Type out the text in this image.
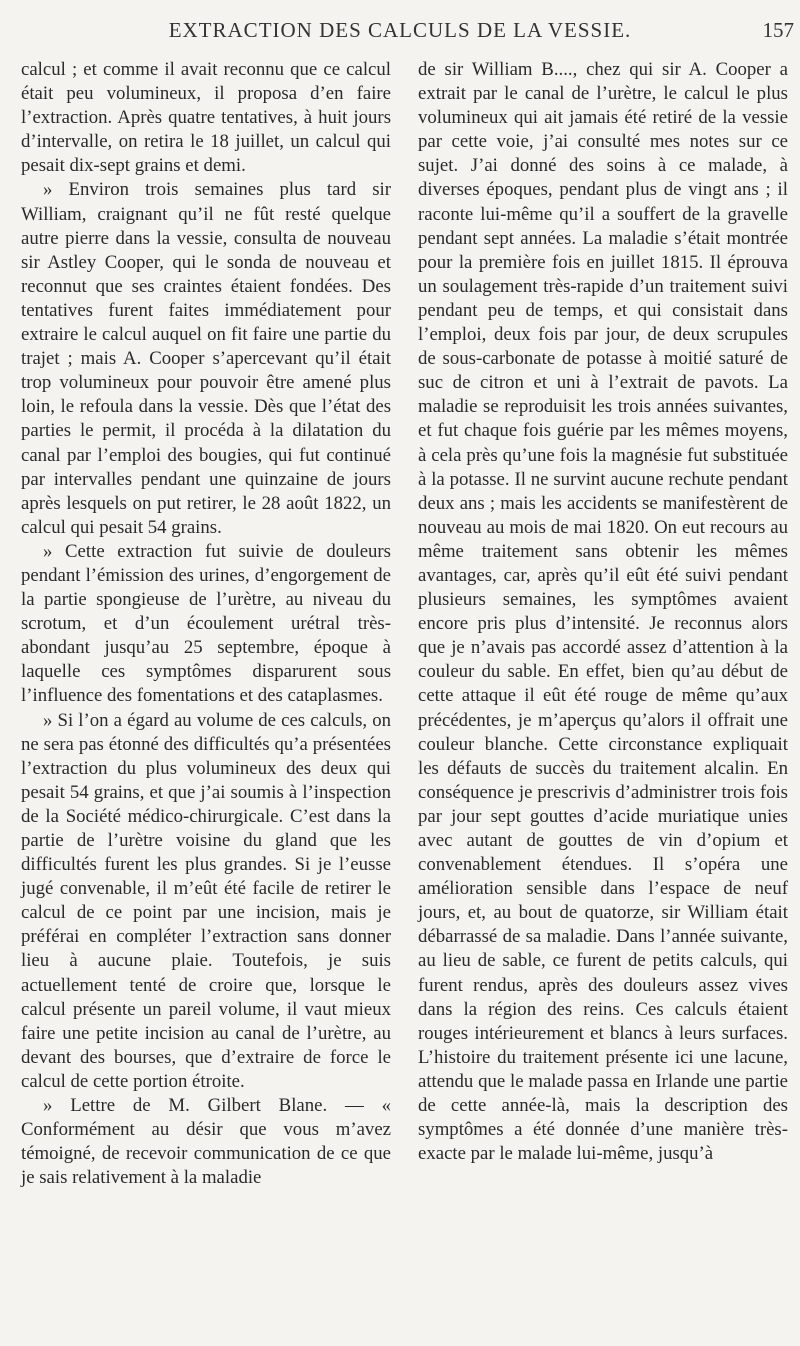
EXTRACTION DES CALCULS DE LA VESSIE.	157

calcul ; et comme il avait reconnu que ce calcul était peu volumineux, il proposa d’en faire l’extraction. Après quatre tentatives, à huit jours d’intervalle, on retira le 18 juillet, un calcul qui pesait dix-sept grains et demi.

» Environ trois semaines plus tard sir William, craignant qu’il ne fût resté quelque autre pierre dans la vessie, consulta de nouveau sir Astley Cooper, qui le sonda de nouveau et reconnut que ses craintes étaient fondées. Des tentatives furent faites immédiatement pour extraire le calcul auquel on fit faire une partie du trajet ; mais A. Cooper s’apercevant qu’il était trop volumineux pour pouvoir être amené plus loin, le refoula dans la vessie. Dès que l’état des parties le permit, il procéda à la dilatation du canal par l’emploi des bougies, qui fut continué par intervalles pendant une quinzaine de jours après lesquels on put retirer, le 28 août 1822, un calcul qui pesait 54 grains.

» Cette extraction fut suivie de douleurs pendant l’émission des urines, d’engorgement de la partie spongieuse de l’urètre, au niveau du scrotum, et d’un écoulement urétral très-abondant jusqu’au 25 septembre, époque à laquelle ces symptômes disparurent sous l’influence des fomentations et des cataplasmes.

» Si l’on a égard au volume de ces calculs, on ne sera pas étonné des difficultés qu’a présentées l’extraction du plus volumineux des deux qui pesait 54 grains, et que j’ai soumis à l’inspection de la Société médico-chirurgicale. C’est dans la partie de l’urètre voisine du gland que les difficultés furent les plus grandes. Si je l’eusse jugé convenable, il m’eût été facile de retirer le calcul de ce point par une incision, mais je préférai en compléter l’extraction sans donner lieu à aucune plaie. Toutefois, je suis actuellement tenté de croire que, lorsque le calcul présente un pareil volume, il vaut mieux faire une petite incision au canal de l’urètre, au devant des bourses, que d’extraire de force le calcul de cette portion étroite.

» Lettre de M. Gilbert Blane. — « Conformément au désir que vous m’avez témoigné, de recevoir communication de ce que je sais relativement à la maladie

de sir William B...., chez qui sir A. Cooper a extrait par le canal de l’urètre, le calcul le plus volumineux qui ait jamais été retiré de la vessie par cette voie, j’ai consulté mes notes sur ce sujet. J’ai donné des soins à ce malade, à diverses époques, pendant plus de vingt ans ; il raconte lui-même qu’il a souffert de la gravelle pendant sept années. La maladie s’était montrée pour la première fois en juillet 1815. Il éprouva un soulagement très-rapide d’un traitement suivi pendant peu de temps, et qui consistait dans l’emploi, deux fois par jour, de deux scrupules de sous-carbonate de potasse à moitié saturé de suc de citron et uni à l’extrait de pavots. La maladie se reproduisit les trois années suivantes, et fut chaque fois guérie par les mêmes moyens, à cela près qu’une fois la magnésie fut substituée à la potasse. Il ne survint aucune rechute pendant deux ans ; mais les accidents se manifestèrent de nouveau au mois de mai 1820. On eut recours au même traitement sans obtenir les mêmes avantages, car, après qu’il eût été suivi pendant plusieurs semaines, les symptômes avaient encore pris plus d’intensité. Je reconnus alors que je n’avais pas accordé assez d’attention à la couleur du sable. En effet, bien qu’au début de cette attaque il eût été rouge de même qu’aux précédentes, je m’aperçus qu’alors il offrait une couleur blanche. Cette circonstance expliquait les défauts de succès du traitement alcalin. En conséquence je prescrivis d’administrer trois fois par jour sept gouttes d’acide muriatique unies avec autant de gouttes de vin d’opium et convenablement étendues. Il s’opéra une amélioration sensible dans l’espace de neuf jours, et, au bout de quatorze, sir William était débarrassé de sa maladie. Dans l’année suivante, au lieu de sable, ce furent de petits calculs, qui furent rendus, après des douleurs assez vives dans la région des reins. Ces calculs étaient rouges intérieurement et blancs à leurs surfaces. L’histoire du traitement présente ici une lacune, attendu que le malade passa en Irlande une partie de cette année-là, mais la description des symptômes a été donnée d’une manière très-exacte par le malade lui-même, jusqu’à
